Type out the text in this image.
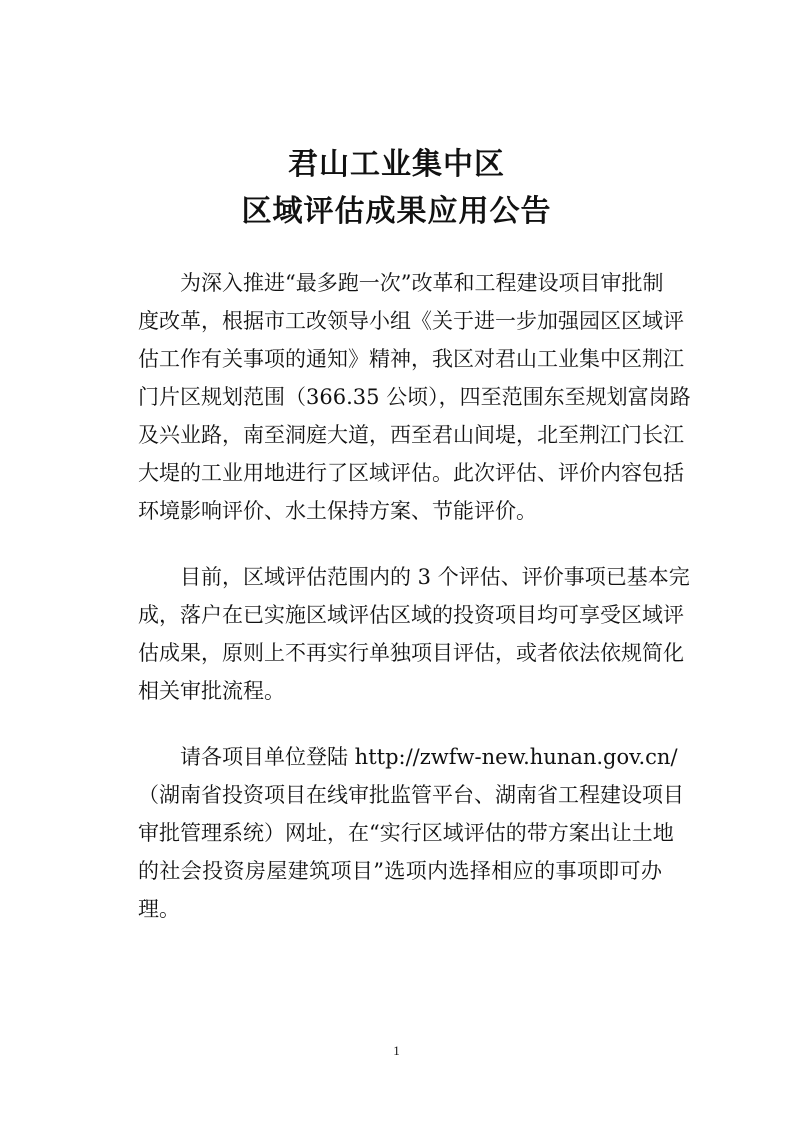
君山工业集中区
区域评估成果应用公告
为深入推进“最多跑一次”改革和工程建设项目审批制
度改革，根据市工改领导小组《关于进一步加强园区区域评
估工作有关事项的通知》精神，我区对君山工业集中区荆江
门片区规划范围（366.35 公顷），四至范围东至规划富岗路
及兴业路，南至洞庭大道，西至君山间堤，北至荆江门长江
大堤的工业用地进行了区域评估。此次评估、评价内容包括
环境影响评价、水土保持方案、节能评价。
目前，区域评估范围内的 3 个评估、评价事项已基本完
成，落户在已实施区域评估区域的投资项目均可享受区域评
估成果，原则上不再实行单独项目评估，或者依法依规简化
相关审批流程。
请各项目单位登陆 http://zwfw-new.hunan.gov.cn/
（湖南省投资项目在线审批监管平台、湖南省工程建设项目
审批管理系统）网址，在“实行区域评估的带方案出让土地
的社会投资房屋建筑项目”选项内选择相应的事项即可办
理。
1
